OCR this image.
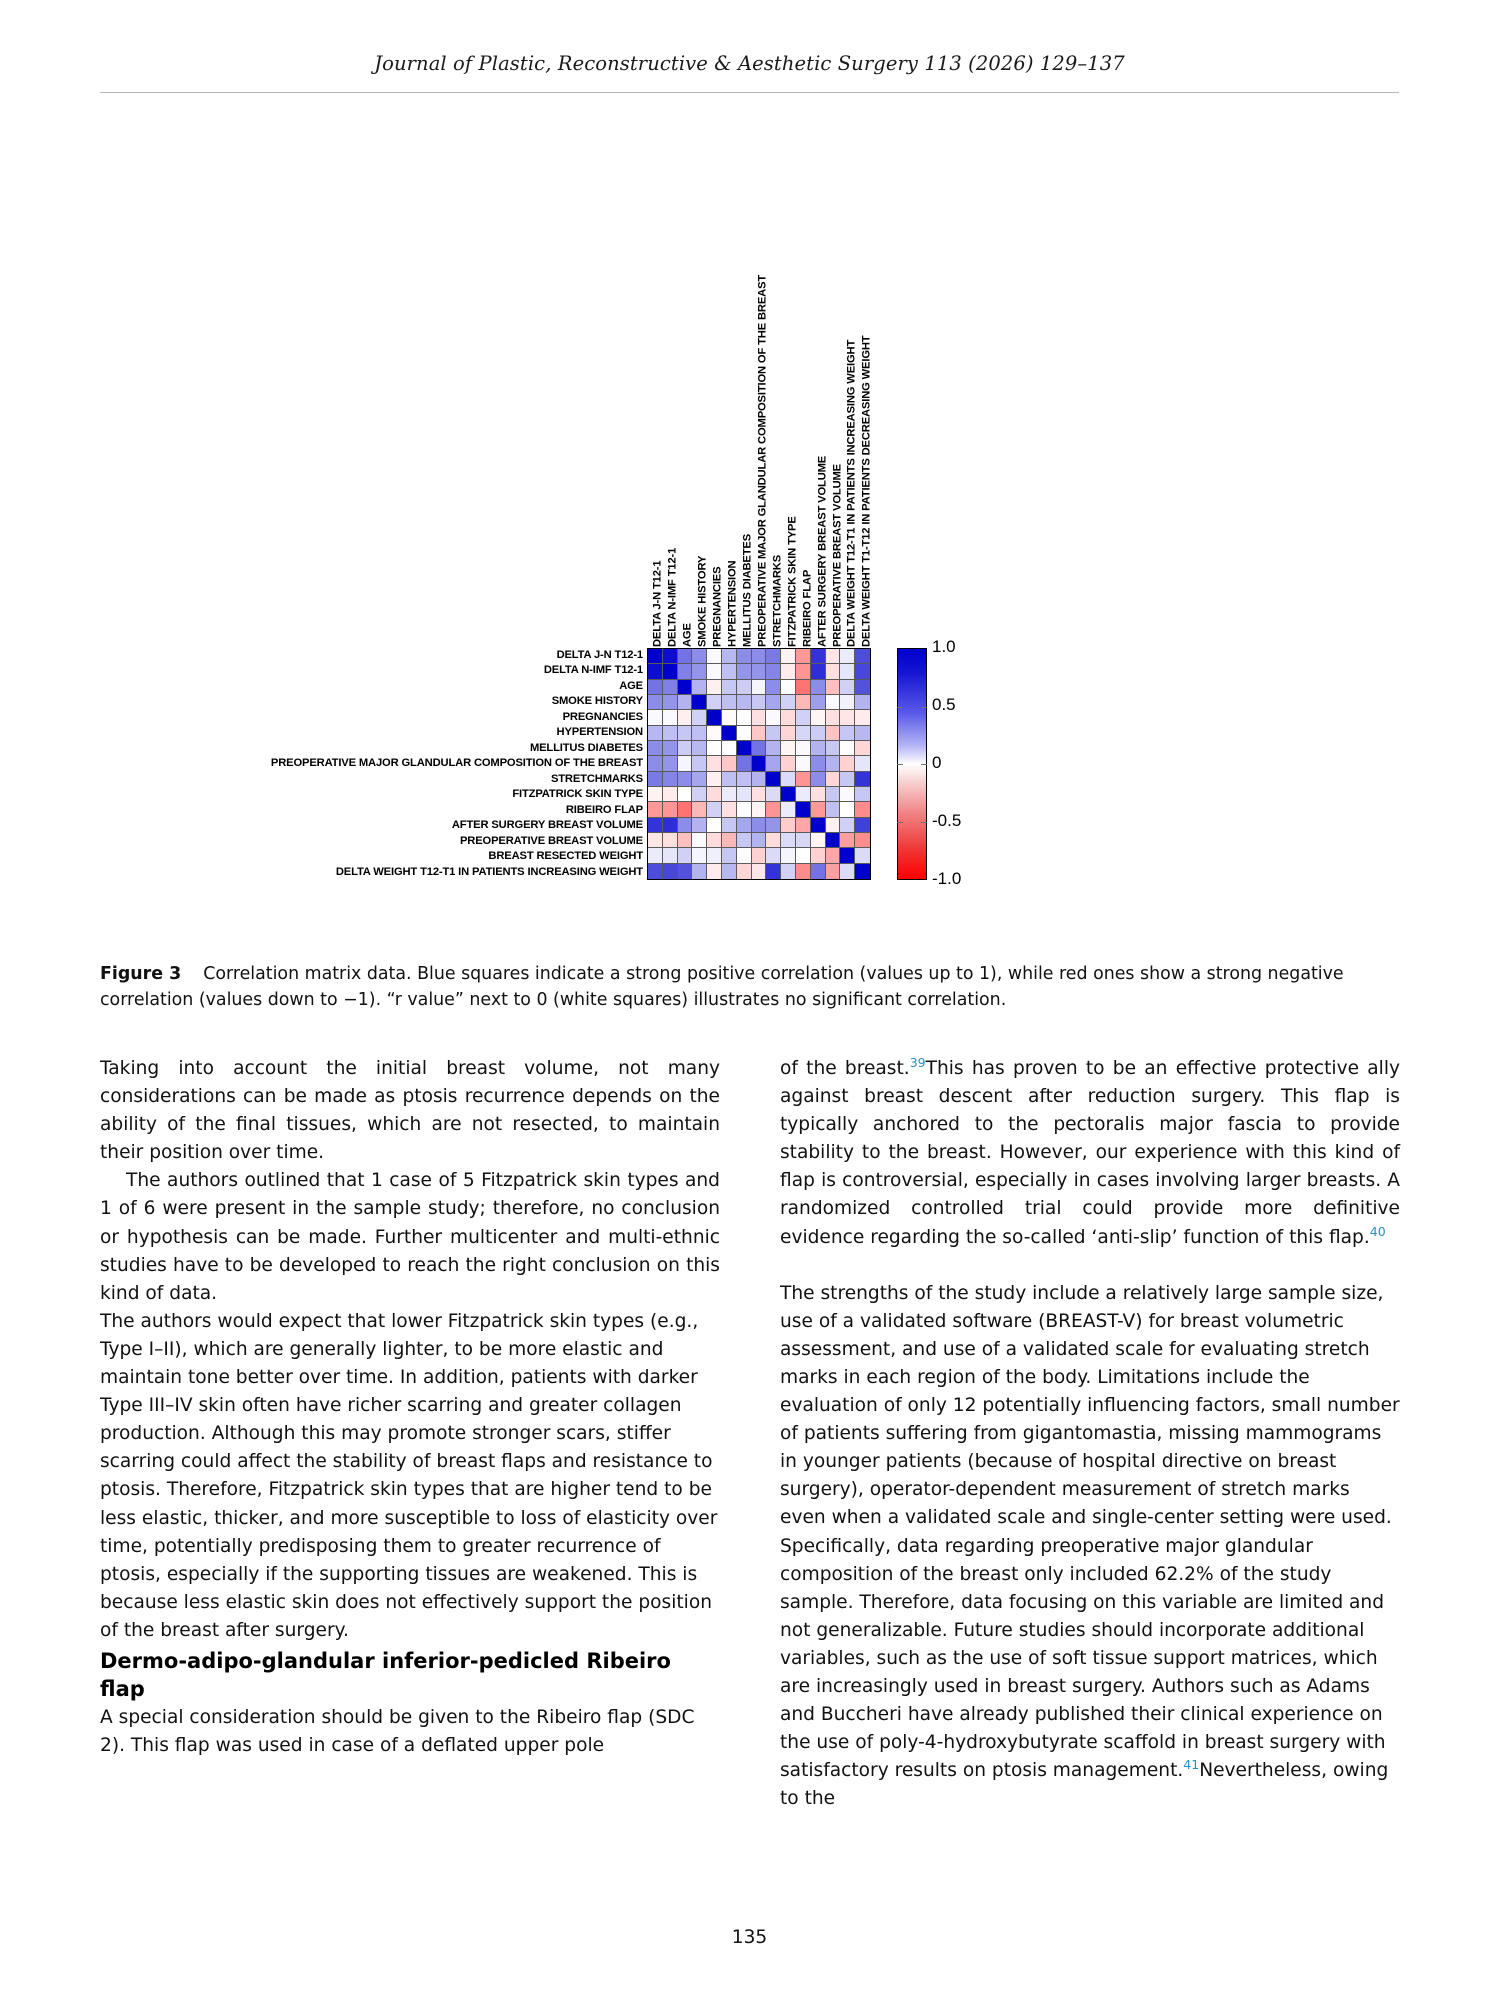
Journal of Plastic, Reconstructive & Aesthetic Surgery 113 (2026) 129–137
DELTA J-N T12-1 DELTA N-IMF T12-1 AGE SMOKE HISTORY PREGNANCIES HYPERTENSION MELLITUS DIABETES PREOPERATIVE MAJOR GLANDULAR COMPOSITION OF THE BREAST STRETCHMARKS FITZPATRICK SKIN TYPE RIBEIRO FLAP AFTER SURGERY BREAST VOLUME PREOPERATIVE BREAST VOLUME DELTA WEIGHT T12-T1 IN PATIENTS INCREASING WEIGHT DELTA WEIGHT T1-T12 IN PATIENTS DECREASING WEIGHT
DELTA J-N T12-1
DELTA N-IMF T12-1
AGE
SMOKE HISTORY
PREGNANCIES
HYPERTENSION
MELLITUS DIABETES
PREOPERATIVE MAJOR GLANDULAR COMPOSITION OF THE BREAST
STRETCHMARKS
FITZPATRICK SKIN TYPE
RIBEIRO FLAP
AFTER SURGERY BREAST VOLUME
PREOPERATIVE BREAST VOLUME
BREAST RESECTED WEIGHT
DELTA WEIGHT T12-T1 IN PATIENTS INCREASING WEIGHT
1.0
0.5
0
-0.5
-1.0
Figure 3 Correlation matrix data. Blue squares indicate a strong positive correlation (values up to 1), while red ones show a strong negative correlation (values down to −1). “r value” next to 0 (white squares) illustrates no significant correlation.

Taking into account the initial breast volume, not many considerations can be made as ptosis recurrence depends on the ability of the final tissues, which are not resected, to maintain their position over time.

The authors outlined that 1 case of 5 Fitzpatrick skin types and 1 of 6 were present in the sample study; therefore, no conclusion or hypothesis can be made. Further multicenter and multi-ethnic studies have to be developed to reach the right conclusion on this kind of data.

The authors would expect that lower Fitzpatrick skin types (e.g., Type I–II), which are generally lighter, to be more elastic and maintain tone better over time. In addition, patients with darker Type III–IV skin often have richer scarring and greater collagen production. Although this may promote stronger scars, stiffer scarring could affect the stability of breast flaps and resistance to ptosis. Therefore, Fitzpatrick skin types that are higher tend to be less elastic, thicker, and more susceptible to loss of elasticity over time, potentially predisposing them to greater recurrence of ptosis, especially if the supporting tissues are weakened. This is because less elastic skin does not effectively support the position of the breast after surgery.

Dermo-adipo-glandular inferior-pedicled Ribeiro flap

A special consideration should be given to the Ribeiro flap (SDC 2). This flap was used in case of a deflated upper pole

of the breast.$^{39}$This has proven to be an effective protective ally against breast descent after reduction surgery. This flap is typically anchored to the pectoralis major fascia to provide stability to the breast. However, our experience with this kind of flap is controversial, especially in cases involving larger breasts. A randomized controlled trial could provide more definitive evidence regarding the so-called ‘anti-slip’ function of this flap.$^{40}$

The strengths of the study include a relatively large sample size, use of a validated software (BREAST-V) for breast volumetric assessment, and use of a validated scale for evaluating stretch marks in each region of the body. Limitations include the evaluation of only 12 potentially influencing factors, small number of patients suffering from gigantomastia, missing mammograms in younger patients (because of hospital directive on breast surgery), operator-dependent measurement of stretch marks even when a validated scale and single-center setting were used. Specifically, data regarding preoperative major glandular composition of the breast only included 62.2% of the study sample. Therefore, data focusing on this variable are limited and not generalizable. Future studies should incorporate additional variables, such as the use of soft tissue support matrices, which are increasingly used in breast surgery. Authors such as Adams and Buccheri have already published their clinical experience on the use of poly-4-hydroxybutyrate scaffold in breast surgery with satisfactory results on ptosis management.$^{41}$Nevertheless, owing to the

135
